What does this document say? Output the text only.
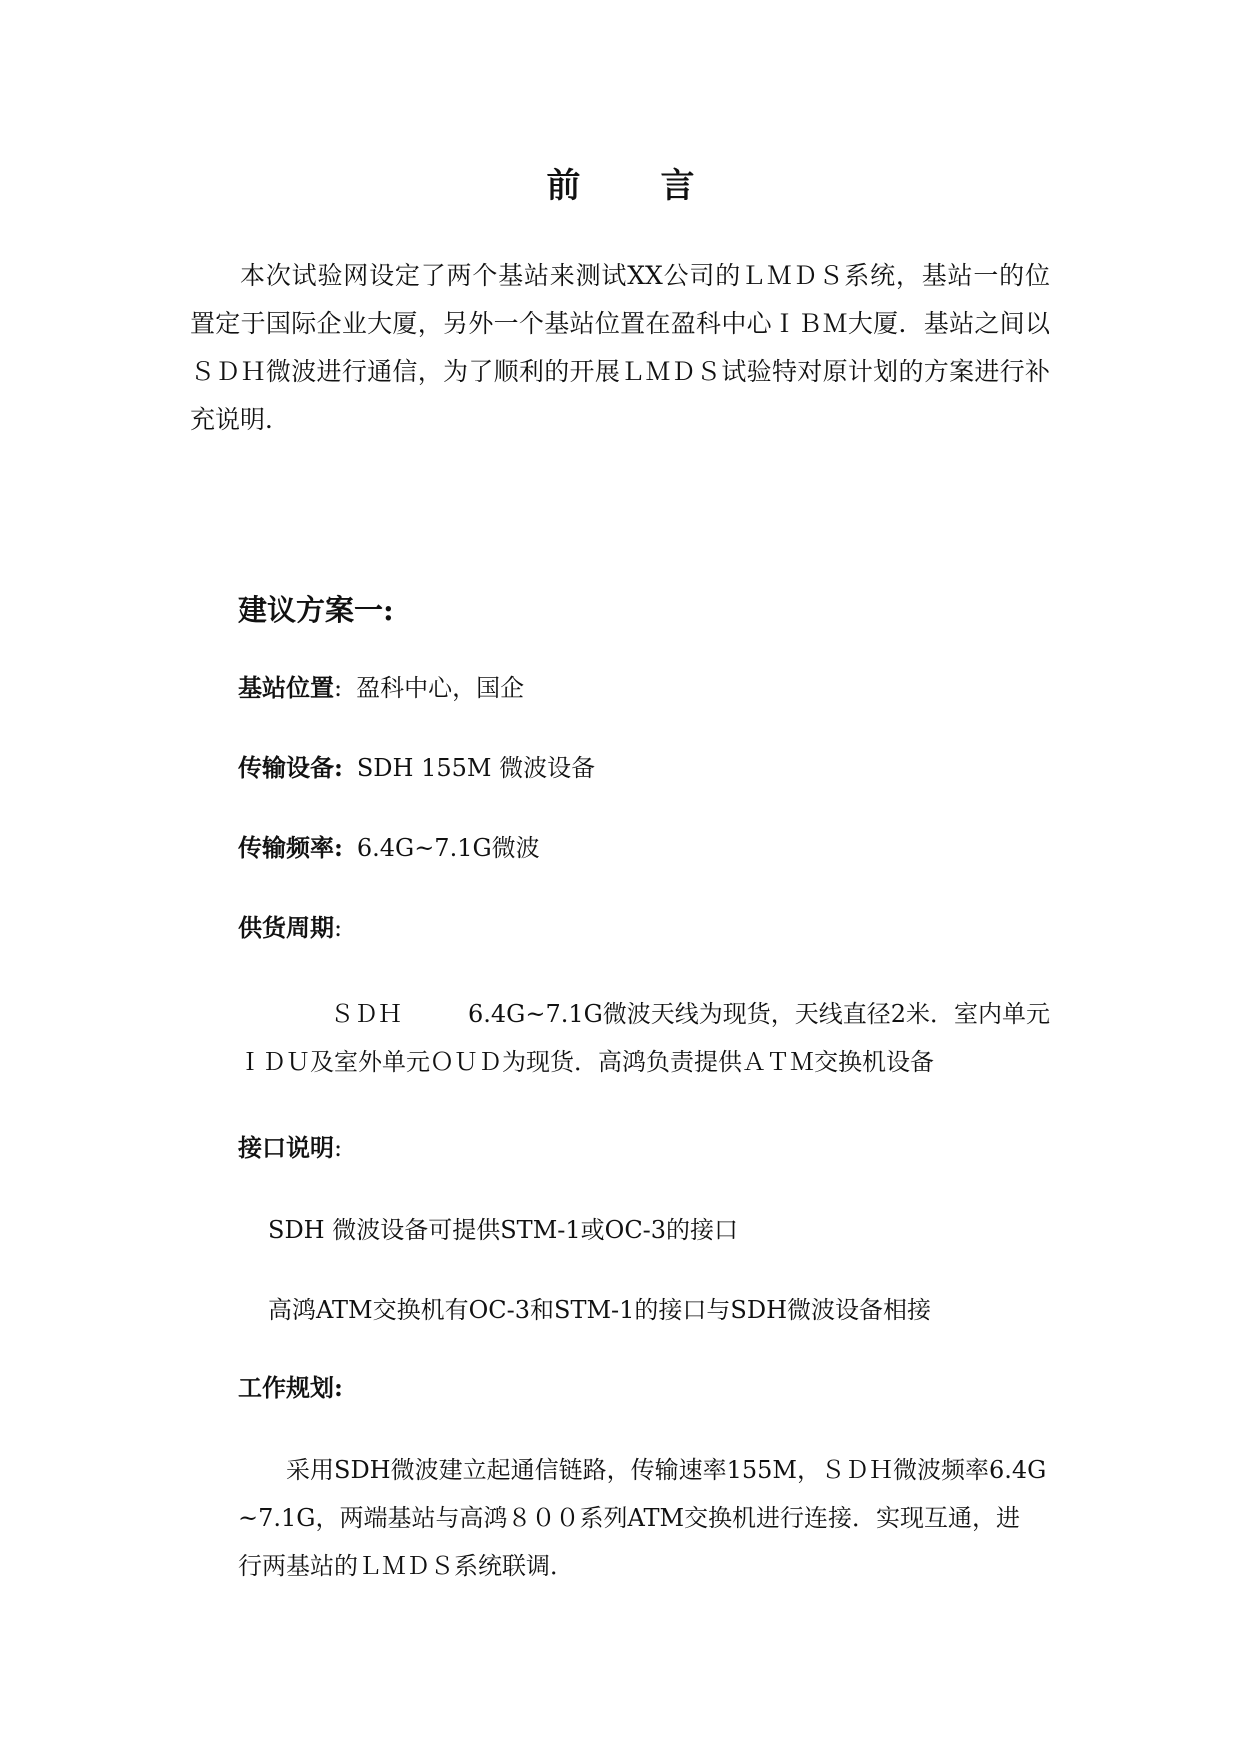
前 言

本次试验网设定了两个基站来测试XX公司的ＬＭＤＳ系统，基站一的位置定于国际企业大厦，另外一个基站位置在盈科中心ＩＢＭ大厦．基站之间以ＳＤＨ微波进行通信，为了顺利的开展ＬＭＤＳ试验特对原计划的方案进行补充说明．

建议方案一:

基站位置: 盈科中心，国企

传输设备: SDH 155M 微波设备

传输频率: 6.4G~7.1G微波

供货周期:

ＳＤＨ	6.4G~7.1G微波天线为现货，天线直径2米．室内单元
ＩＤＵ及室外单元ＯＵＤ为现货．高鸿负责提供ＡＴＭ交换机设备

接口说明:

SDH 微波设备可提供STM-1或OC-3的接口

高鸿ATM交换机有OC-3和STM-1的接口与SDH微波设备相接

工作规划:

采用SDH微波建立起通信链路，传输速率155M，ＳＤＨ微波频率6.4G
~7.1G，两端基站与高鸿８００系列ATM交换机进行连接．实现互通，进
行两基站的ＬＭＤＳ系统联调．
